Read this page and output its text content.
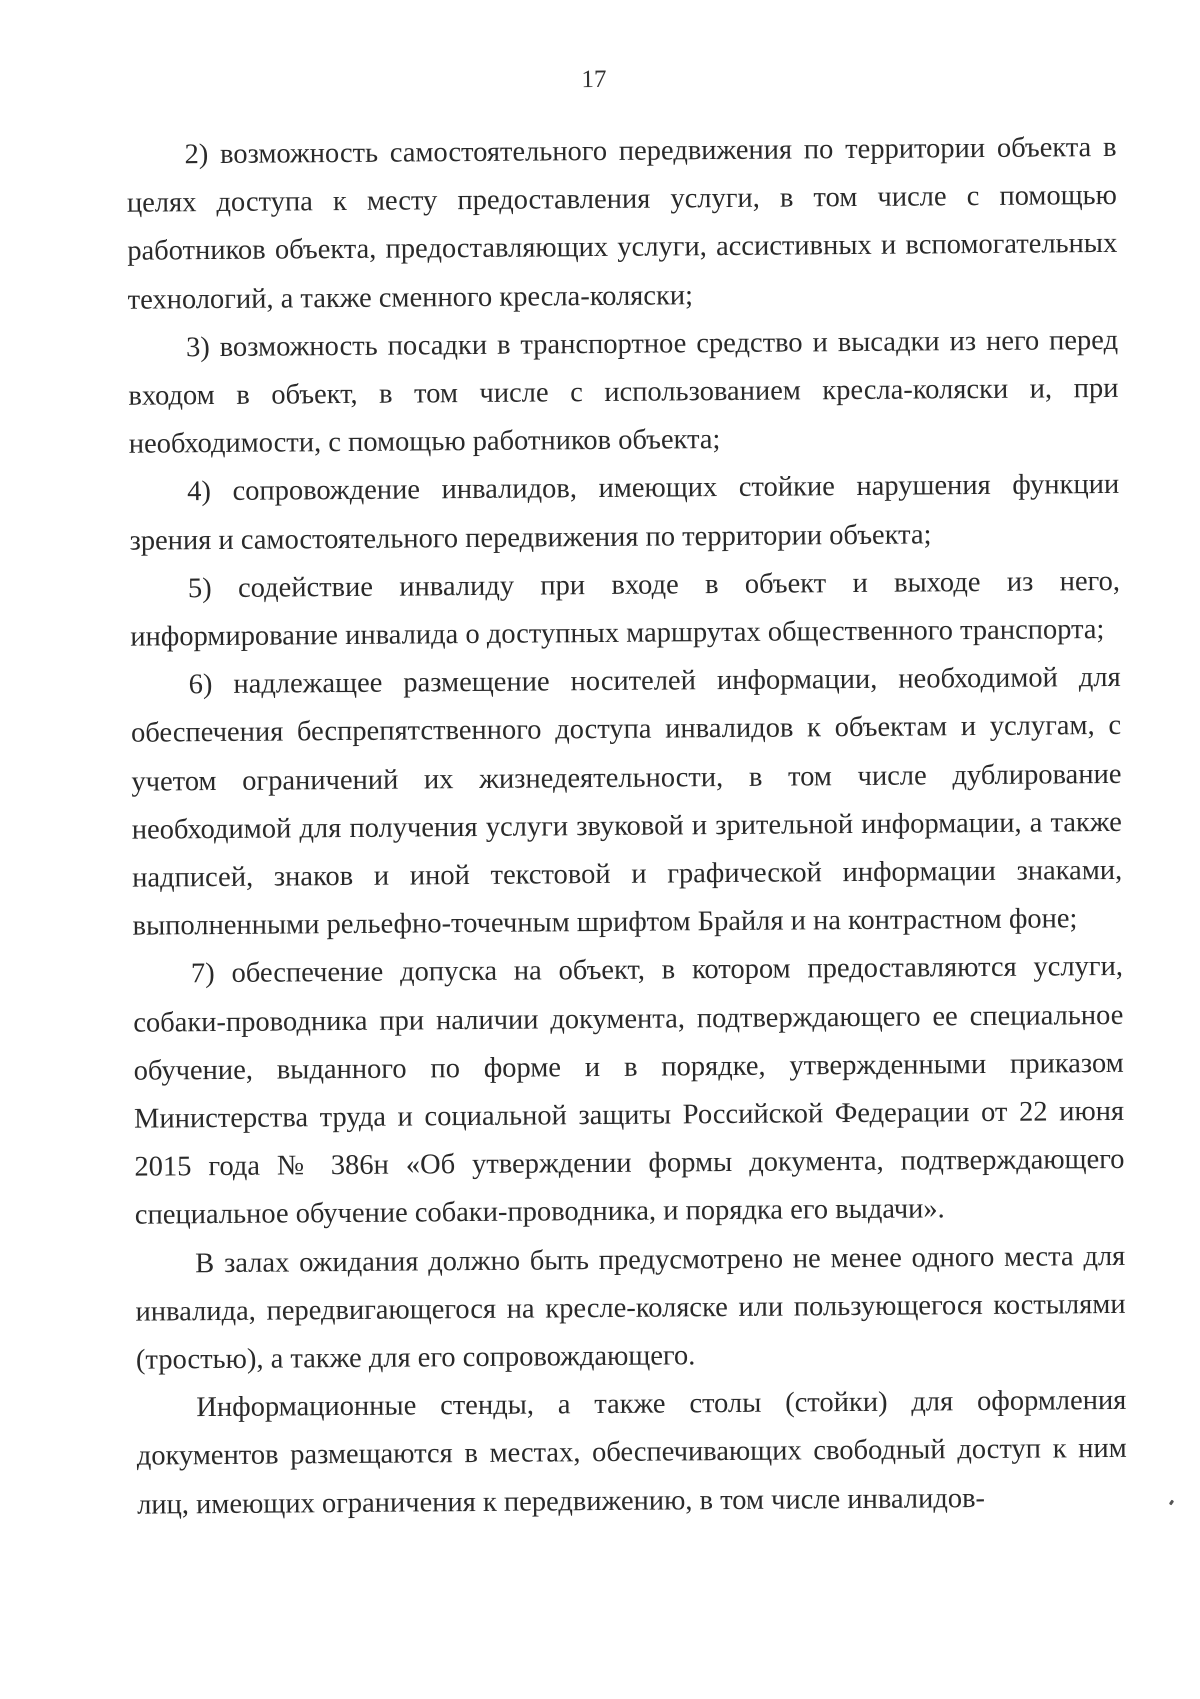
17

2) возможность самостоятельного передвижения по территории объекта в целях доступа к месту предоставления услуги, в том числе с помощью работников объекта, предоставляющих услуги, ассистивных и вспомогательных технологий, а также сменного кресла-коляски;

3) возможность посадки в транспортное средство и высадки из него перед входом в объект, в том числе с использованием кресла-коляски и, при необходимости, с помощью работников объекта;

4) сопровождение инвалидов, имеющих стойкие нарушения функции зрения и самостоятельного передвижения по территории объекта;

5) содействие инвалиду при входе в объект и выходе из него, информирование инвалида о доступных маршрутах общественного транспорта;

6) надлежащее размещение носителей информации, необходимой для обеспечения беспрепятственного доступа инвалидов к объектам и услугам, с учетом ограничений их жизнедеятельности, в том числе дублирование необходимой для получения услуги звуковой и зрительной информации, а также надписей, знаков и иной текстовой и графической информации знаками, выполненными рельефно-точечным шрифтом Брайля и на контрастном фоне;

7) обеспечение допуска на объект, в котором предоставляются услуги, собаки-проводника при наличии документа, подтверждающего ее специальное обучение, выданного по форме и в порядке, утвержденными приказом Министерства труда и социальной защиты Российской Федерации от 22 июня 2015 года № 386н «Об утверждении формы документа, подтверждающего специальное обучение собаки-проводника, и порядка его выдачи».

В залах ожидания должно быть предусмотрено не менее одного места для инвалида, передвигающегося на кресле-коляске или пользующегося костылями (тростью), а также для его сопровождающего.

Информационные стенды, а также столы (стойки) для оформления документов размещаются в местах, обеспечивающих свободный доступ к ним лиц, имеющих ограничения к передвижению, в том числе инвалидов-
